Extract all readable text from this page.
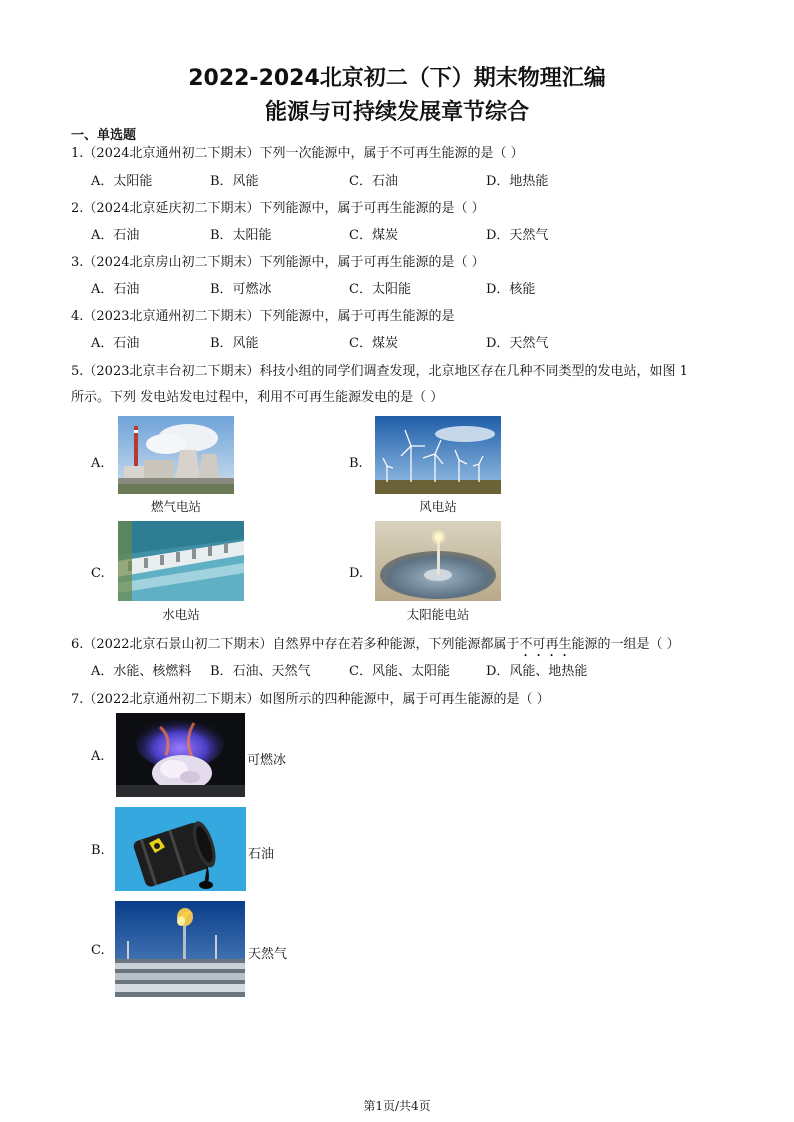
2022-2024北京初二（下）期末物理汇编
能源与可持续发展章节综合
一、单选题
1.（2024北京通州初二下期末）下列一次能源中，属于不可再生能源的是（ ）
A．太阳能	B．风能	C．石油	D．地热能
2.（2024北京延庆初二下期末）下列能源中，属于可再生能源的是（ ）
A．石油	B．太阳能	C．煤炭	D．天然气
3.（2024北京房山初二下期末）下列能源中，属于可再生能源的是（ ）
A．石油	B．可燃冰	C．太阳能	D．核能
4.（2023北京通州初二下期末）下列能源中，属于可再生能源的是
A．石油	B．风能	C．煤炭	D．天然气
5.（2023北京丰台初二下期末）科技小组的同学们调查发现，北京地区存在几种不同类型的发电站，如图 1
所示。下列 发电站发电过程中，利用不可再生能源发电的是（ ）
A.
燃气电站
B.
风电站
C.
水电站
D.
太阳能电站
6.（2022北京石景山初二下期末）自然界中存在若多种能源，下列能源都属于不可再生能源的一组是（ ）
A．水能、核燃料 B．石油、天然气	C．风能、太阳能	D．风能、地热能
7.（2022北京通州初二下期末）如图所示的四种能源中，属于可再生能源的是（ ）
A.	可燃冰
B.	石油
C.	天然气
第1页/共4页
